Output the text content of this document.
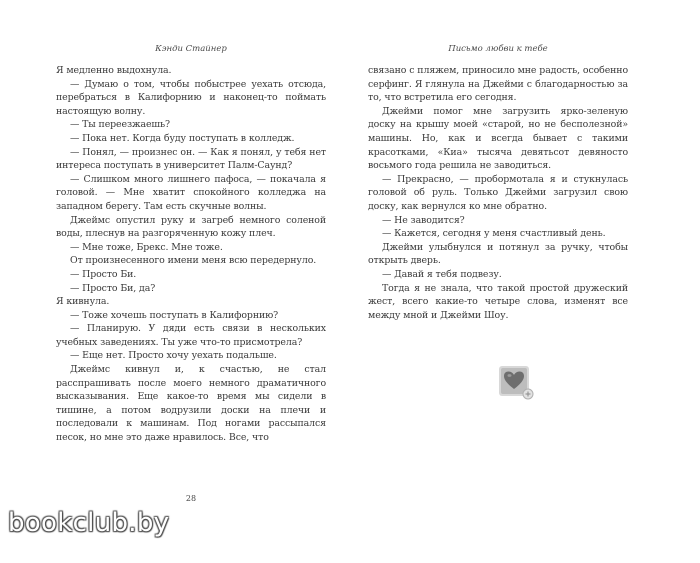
Кэнди Стайнер

Я медленно выдохнула.

— Думаю о том, чтобы побыстрее уехать отсюда, перебраться в Калифорнию и наконец-то поймать настоящую волну.

— Ты переезжаешь?

— Пока нет. Когда буду поступать в колледж.

— Понял, — произнес он. — Как я понял, у тебя нет интереса поступать в университет Палм-Саунд?

— Слишком много лишнего пафоса, — покачала я головой. — Мне хватит спокойного колледжа на западном берегу. Там есть скучные волны.

Джеймс опустил руку и загреб немного соленой воды, плеснув на разгоряченную кожу плеч.

— Мне тоже, Брекс. Мне тоже.

От произнесенного имени меня всю передернуло.

— Просто Би.

— Просто Би, да?

Я кивнула.

— Тоже хочешь поступать в Калифорнию?

— Планирую. У дяди есть связи в нескольких учебных заведениях. Ты уже что-то присмотрела?

— Еще нет. Просто хочу уехать подальше.

Джеймс кивнул и, к счастью, не стал расспрашивать после моего немного драматичного высказывания. Еще какое-то время мы сидели в тишине, а потом водрузили доски на плечи и последовали к машинам. Под ногами рассыпался песок, но мне это даже нравилось. Все, что

28
Письмо любви к тебе

связано с пляжем, приносило мне радость, особенно серфинг. Я глянула на Джейми с благодарностью за то, что встретила его сегодня.

Джейми помог мне загрузить ярко-зеленую доску на крышу моей «старой, но не бесполезной» машины. Но, как и всегда бывает с такими красотками, «Киа» тысяча девятьсот девяносто восьмого года решила не заводиться.

— Прекрасно, — пробормотала я и стукнулась головой об руль. Только Джейми загрузил свою доску, как вернулся ко мне обратно.

— Не заводится?

— Кажется, сегодня у меня счастливый день.

Джейми улыбнулся и потянул за ручку, чтобы открыть дверь.

— Давай я тебя подвезу.

Тогда я не знала, что такой простой дружеский жест, всего какие-то четыре слова, изменят все между мной и Джейми Шоу.

bookclub.by
